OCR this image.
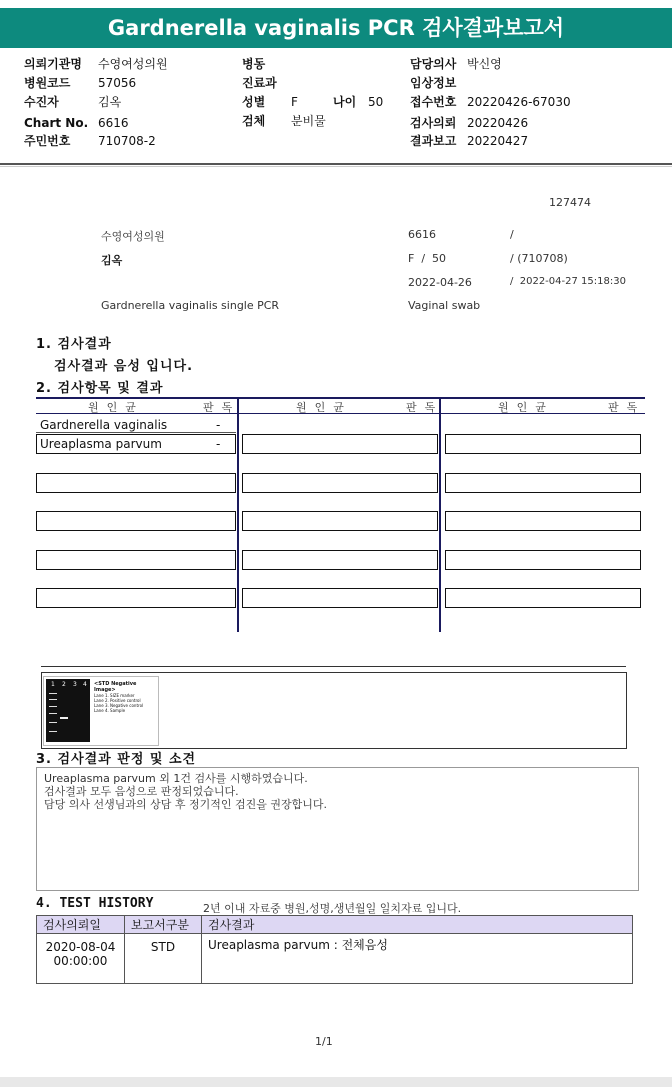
Gardnerella vaginalis PCR 검사결과보고서
의뢰기관명 수영여성의원
병원코드 57056
수진자	김옥
Chart No. 6616
주민번호 710708-2
병동
진료과
성별 F	나이 50
검체 분비물
담당의사 박신영
임상정보
접수번호 20220426-67030
검사의뢰 20220426
결과보고 20220427
127474
수영여성의원	6616	/
김옥	F  /  50	/ (710708)
2022-04-26	/  2022-04-27 15:18:30
Gardnerella vaginalis single PCR	Vaginal swab
1. 검사결과
검사결과 음성 입니다.
2. 검사항목 및 결과
원인균	판독	원인균	판독	원인균	판독
Gardnerella vaginalis	-
Ureaplasma parvum	-
1 2 3 4 <STD Negative Image>
Lane 1. SIZE marker
Lane 2. Positive control
Lane 3. Negative control
Lane 4. Sample
3. 검사결과 판정 및 소견
Ureaplasma parvum 외 1건 검사를 시행하였습니다.
검사결과 모두 음성으로 판정되었습니다.
담당 의사 선생님과의 상담 후 정기적인 검진을 권장합니다.
4. TEST HISTORY	2년 이내 자료중 병원,성명,생년월일 일치자료 입니다.
검사의뢰일	보고서구분	검사결과

2020-08-04
00:00:00	STD	Ureaplasma parvum : 전체음성
1/1
